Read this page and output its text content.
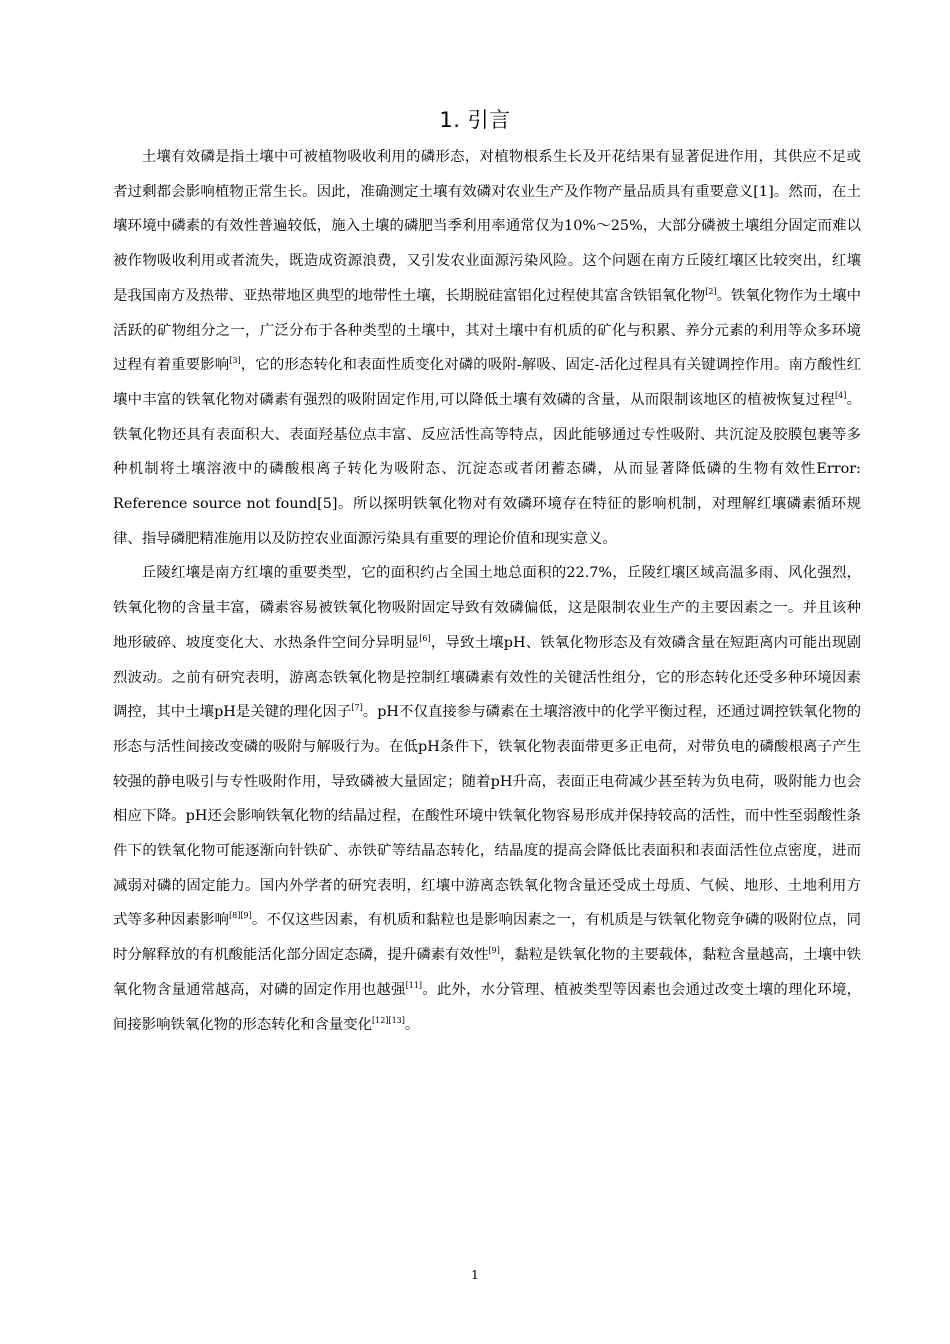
1. 引言

土壤有效磷是指土壤中可被植物吸收利用的磷形态，对植物根系生长及开花结果有显著促进作用，其供应不足或者过剩都会影响植物正常生长。因此，准确测定土壤有效磷对农业生产及作物产量品质具有重要意义[1]。然而，在土壤环境中磷素的有效性普遍较低，施入土壤的磷肥当季利用率通常仅为10%～25%，大部分磷被土壤组分固定而难以被作物吸收利用或者流失，既造成资源浪费，又引发农业面源污染风险。这个问题在南方丘陵红壤区比较突出，红壤是我国南方及热带、亚热带地区典型的地带性土壤，长期脱硅富铝化过程使其富含铁铝氧化物[2]。铁氧化物作为土壤中活跃的矿物组分之一，广泛分布于各种类型的土壤中，其对土壤中有机质的矿化与积累、养分元素的利用等众多环境过程有着重要影响[3]，它的形态转化和表面性质变化对磷的吸附-解吸、固定-活化过程具有关键调控作用。南方酸性红壤中丰富的铁氧化物对磷素有强烈的吸附固定作用,可以降低土壤有效磷的含量，从而限制该地区的植被恢复过程[4]。铁氧化物还具有表面积大、表面羟基位点丰富、反应活性高等特点，因此能够通过专性吸附、共沉淀及胶膜包裹等多种机制将土壤溶液中的磷酸根离子转化为吸附态、沉淀态或者闭蓄态磷，从而显著降低磷的生物有效性Error: Reference source not found[5]。所以探明铁氧化物对有效磷环境存在特征的影响机制，对理解红壤磷素循环规律、指导磷肥精准施用以及防控农业面源污染具有重要的理论价值和现实意义。

丘陵红壤是南方红壤的重要类型，它的面积约占全国土地总面积的22.7%，丘陵红壤区域高温多雨、风化强烈，铁氧化物的含量丰富，磷素容易被铁氧化物吸附固定导致有效磷偏低，这是限制农业生产的主要因素之一。并且该种地形破碎、坡度变化大、水热条件空间分异明显[6]，导致土壤pH、铁氧化物形态及有效磷含量在短距离内可能出现剧烈波动。之前有研究表明，游离态铁氧化物是控制红壤磷素有效性的关键活性组分，它的形态转化还受多种环境因素调控，其中土壤pH是关键的理化因子[7]。pH不仅直接参与磷素在土壤溶液中的化学平衡过程，还通过调控铁氧化物的形态与活性间接改变磷的吸附与解吸行为。在低pH条件下，铁氧化物表面带更多正电荷，对带负电的磷酸根离子产生较强的静电吸引与专性吸附作用，导致磷被大量固定；随着pH升高，表面正电荷减少甚至转为负电荷，吸附能力也会相应下降。pH还会影响铁氧化物的结晶过程，在酸性环境中铁氧化物容易形成并保持较高的活性，而中性至弱酸性条件下的铁氧化物可能逐渐向针铁矿、赤铁矿等结晶态转化，结晶度的提高会降低比表面积和表面活性位点密度，进而减弱对磷的固定能力。国内外学者的研究表明，红壤中游离态铁氧化物含量还受成土母质、气候、地形、土地利用方式等多种因素影响[8][9]。不仅这些因素，有机质和黏粒也是影响因素之一，有机质是与铁氧化物竞争磷的吸附位点，同时分解释放的有机酸能活化部分固定态磷，提升磷素有效性[9]，黏粒是铁氧化物的主要载体，黏粒含量越高，土壤中铁氧化物含量通常越高，对磷的固定作用也越强[11]。此外，水分管理、植被类型等因素也会通过改变土壤的理化环境，间接影响铁氧化物的形态转化和含量变化[12][13]。

1
